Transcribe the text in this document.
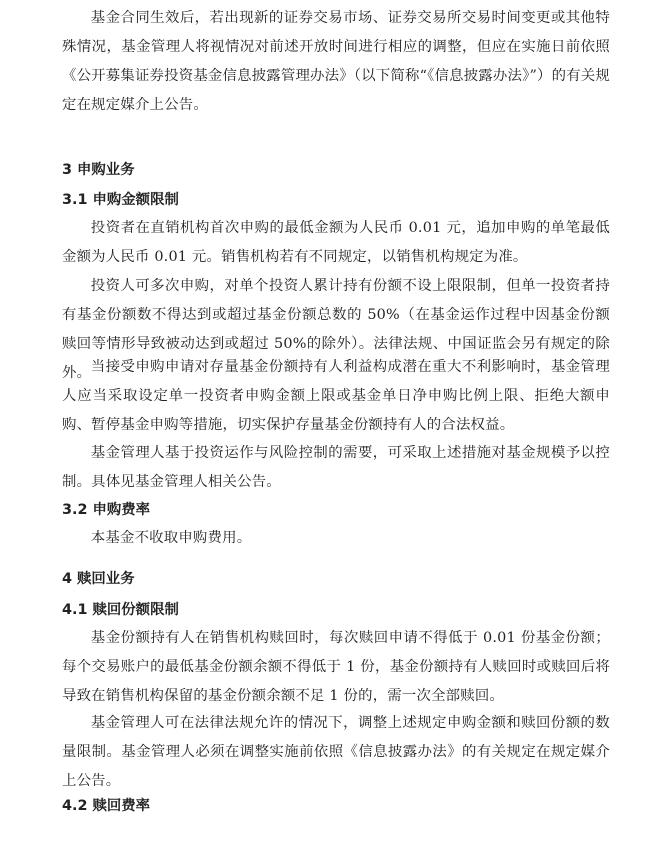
基金合同生效后，若出现新的证券交易市场、证券交易所交易时间变更或其他特殊情况，基金管理人将视情况对前述开放时间进行相应的调整，但应在实施日前依照《公开募集证券投资基金信息披露管理办法》（以下简称“《信息披露办法》”）的有关规定在规定媒介上公告。

3 申购业务
3.1 申购金额限制

投资者在直销机构首次申购的最低金额为人民币 0.01 元，追加申购的单笔最低金额为人民币 0.01 元。销售机构若有不同规定，以销售机构规定为准。

投资人可多次申购，对单个投资人累计持有份额不设上限限制，但单一投资者持有基金份额数不得达到或超过基金份额总数的 50%（在基金运作过程中因基金份额赎回等情形导致被动达到或超过 50%的除外）。法律法规、中国证监会另有规定的除外。 当接受申购申请对存量基金份额持有人利益构成潜在重大不利影响时，基金管理人应当采取设定单一投资者申购金额上限或基金单日净申购比例上限、拒绝大额申购、暂停基金申购等措施，切实保护存量基金份额持有人的合法权益。

基金管理人基于投资运作与风险控制的需要，可采取上述措施对基金规模予以控制。具体见基金管理人相关公告。

3.2 申购费率

本基金不收取申购费用。

4 赎回业务
4.1 赎回份额限制

基金份额持有人在销售机构赎回时，每次赎回申请不得低于 0.01 份基金份额；每个交易账户的最低基金份额余额不得低于 1 份，基金份额持有人赎回时或赎回后将导致在销售机构保留的基金份额余额不足 1 份的，需一次全部赎回。

基金管理人可在法律法规允许的情况下，调整上述规定申购金额和赎回份额的数量限制。基金管理人必须在调整实施前依照《信息披露办法》的有关规定在规定媒介上公告。

4.2 赎回费率
